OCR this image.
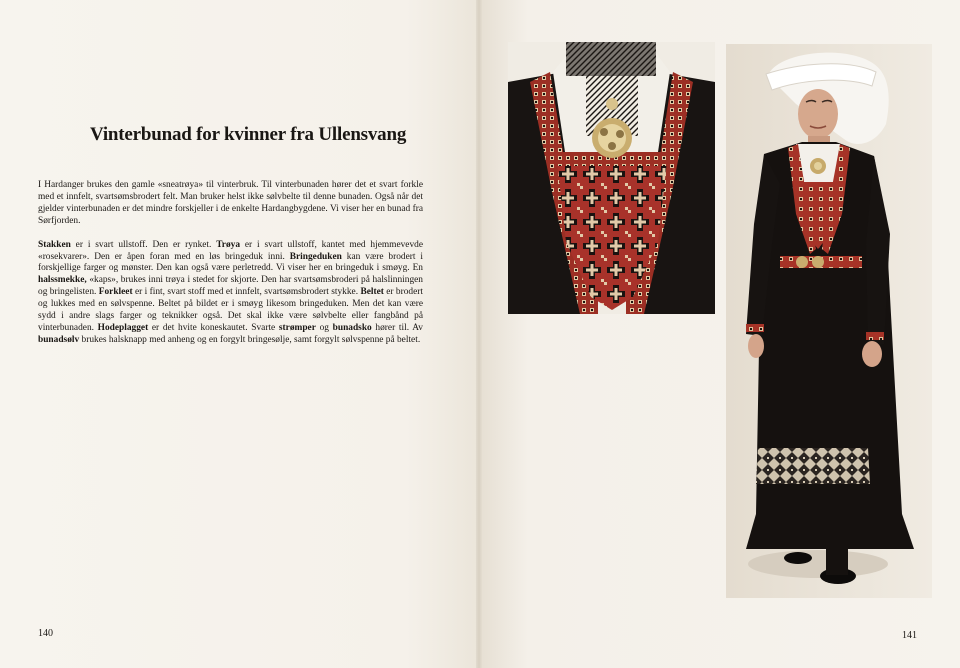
Vinterbunad for kvinner fra Ullensvang

I Hardanger brukes den gamle «sneatrøya» til vinterbruk. Til vinterbunaden hører det et svart forkle med et innfelt, svartsømsbrodert felt. Man bruker helst ikke sølvbelte til denne bunaden. Også når det gjelder vinterbunaden er det mindre forskjeller i de enkelte Hardangbygdene. Vi viser her en bunad fra Sørfjorden.

Stakken er i svart ullstoff. Den er rynket. Trøya er i svart ullstoff, kantet med hjemmevevde «rosekvarer». Den er åpen foran med en løs bringeduk inni. Bringeduken kan være brodert i forskjellige farger og mønster. Den kan også være perletredd. Vi viser her en bringeduk i smøyg. En halssmekke, «kaps», brukes inni trøya i stedet for skjorte. Den har svartsømsbroderi på halslinningen og bringelisten. Forkleet er i fint, svart stoff med et innfelt, svartsømsbrodert stykke. Beltet er brodert og lukkes med en sølvspenne. Beltet på bildet er i smøyg likesom bringeduken. Men det kan være sydd i andre slags farger og teknikker også. Det skal ikke være sølvbelte eller fangbånd på vinterbunaden. Hodeplagget er det hvite koneskautet. Svarte strømper og bunadsko hører til. Av bunadsølv brukes halsknapp med anheng og en forgylt bringesølje, samt forgylt sølvspenne på beltet.

140	141
